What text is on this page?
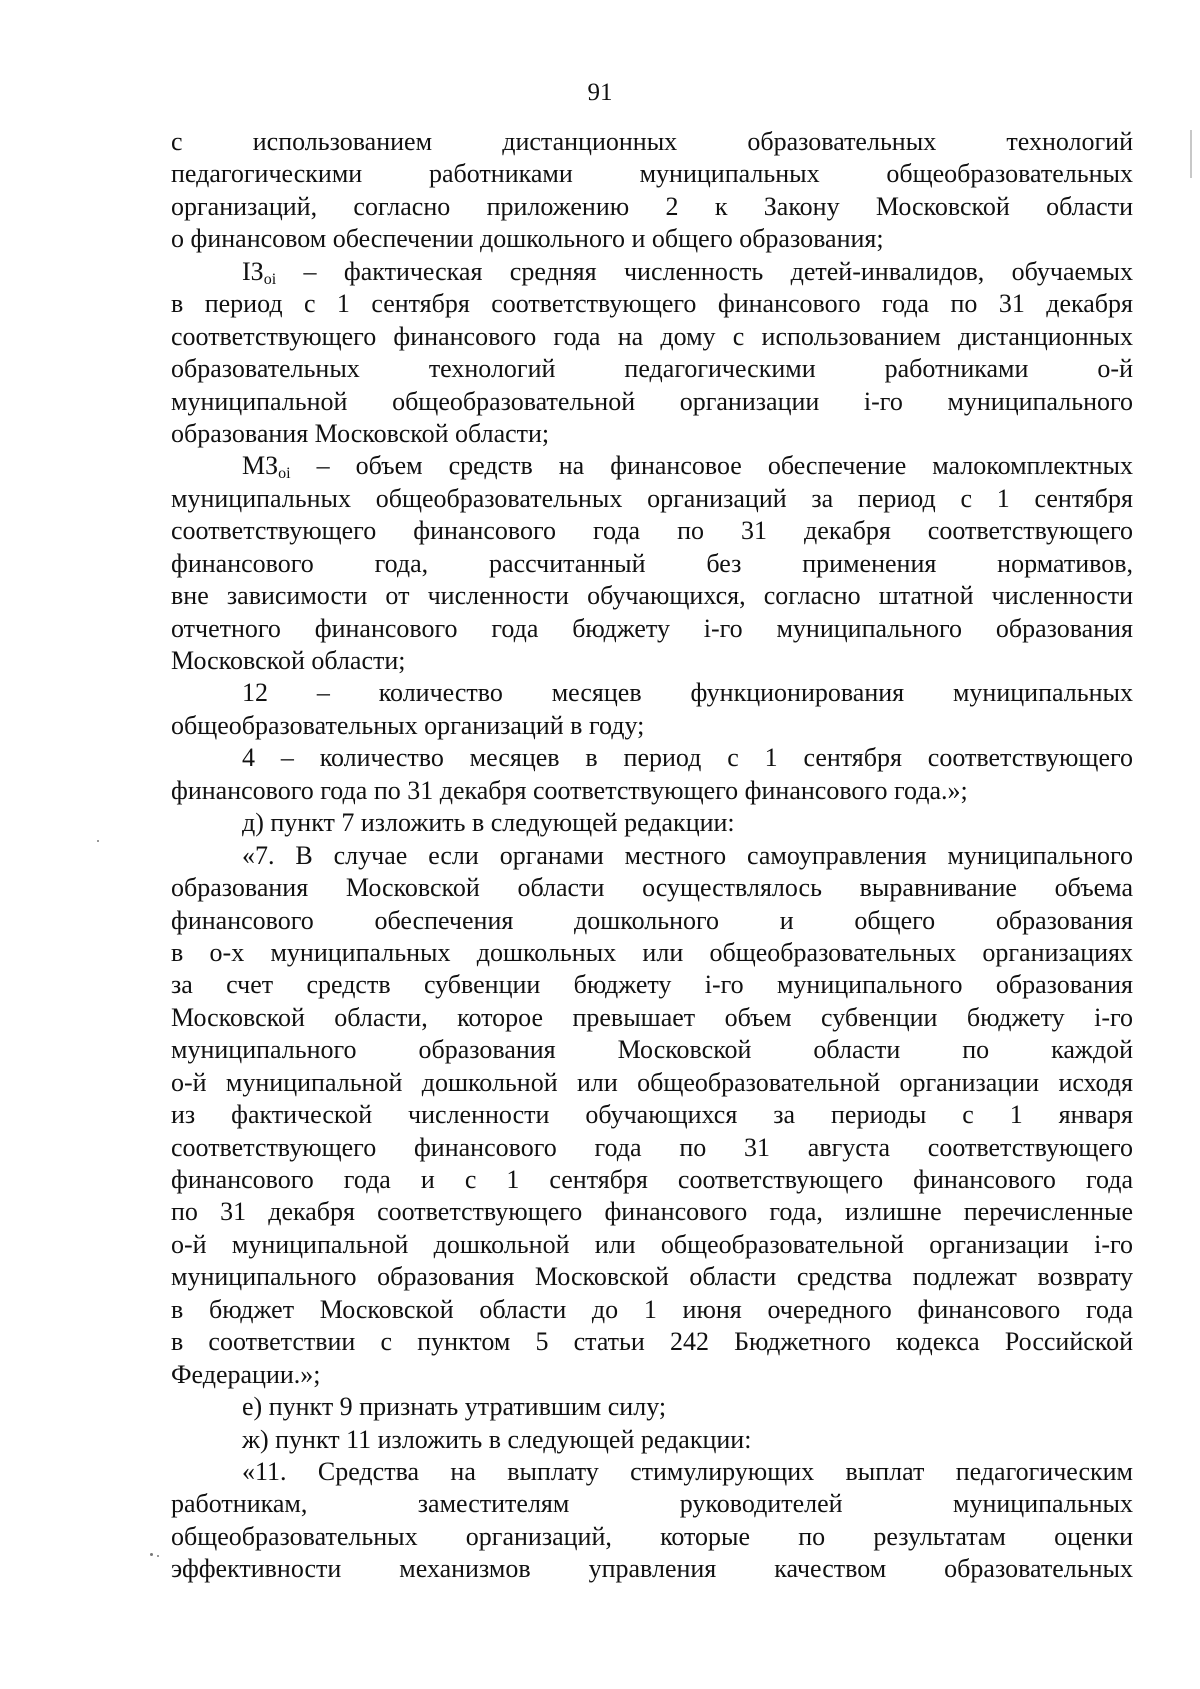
91
с использованием дистанционных образовательных технологий
педагогическими работниками муниципальных общеобразовательных
организаций, согласно приложению 2 к Закону Московской области
о финансовом обеспечении дошкольного и общего образования;
$IЗ_{oi}$ – фактическая средняя численность детей-инвалидов, обучаемых
в период с 1 сентября соответствующего финансового года по 31 декабря
соответствующего финансового года на дому с использованием дистанционных
образовательных технологий педагогическими работниками о-й
муниципальной общеобразовательной организации i-го муниципального
образования Московской области;
$МЗ_{oi}$ – объем средств на финансовое обеспечение малокомплектных
муниципальных общеобразовательных организаций за период с 1 сентября
соответствующего финансового года по 31 декабря соответствующего
финансового года, рассчитанный без применения нормативов,
вне зависимости от численности обучающихся, согласно штатной численности
отчетного финансового года бюджету i-го муниципального образования
Московской области;
12 – количество месяцев функционирования муниципальных
общеобразовательных организаций в году;
4 – количество месяцев в период с 1 сентября соответствующего
финансового года по 31 декабря соответствующего финансового года.»;
д) пункт 7 изложить в следующей редакции:
«7. В случае если органами местного самоуправления муниципального
образования Московской области осуществлялось выравнивание объема
финансового обеспечения дошкольного и общего образования
в о-х муниципальных дошкольных или общеобразовательных организациях
за счет средств субвенции бюджету i-го муниципального образования
Московской области, которое превышает объем субвенции бюджету i-го
муниципального образования Московской области по каждой
о-й муниципальной дошкольной или общеобразовательной организации исходя
из фактической численности обучающихся за периоды с 1 января
соответствующего финансового года по 31 августа соответствующего
финансового года и с 1 сентября соответствующего финансового года
по 31 декабря соответствующего финансового года, излишне перечисленные
о-й муниципальной дошкольной или общеобразовательной организации i-го
муниципального образования Московской области средства подлежат возврату
в бюджет Московской области до 1 июня очередного финансового года
в соответствии с пунктом 5 статьи 242 Бюджетного кодекса Российской
Федерации.»;
е) пункт 9 признать утратившим силу;
ж) пункт 11 изложить в следующей редакции:
«11. Средства на выплату стимулирующих выплат педагогическим
работникам, заместителям руководителей муниципальных
общеобразовательных организаций, которые по результатам оценки
эффективности механизмов управления качеством образовательных
